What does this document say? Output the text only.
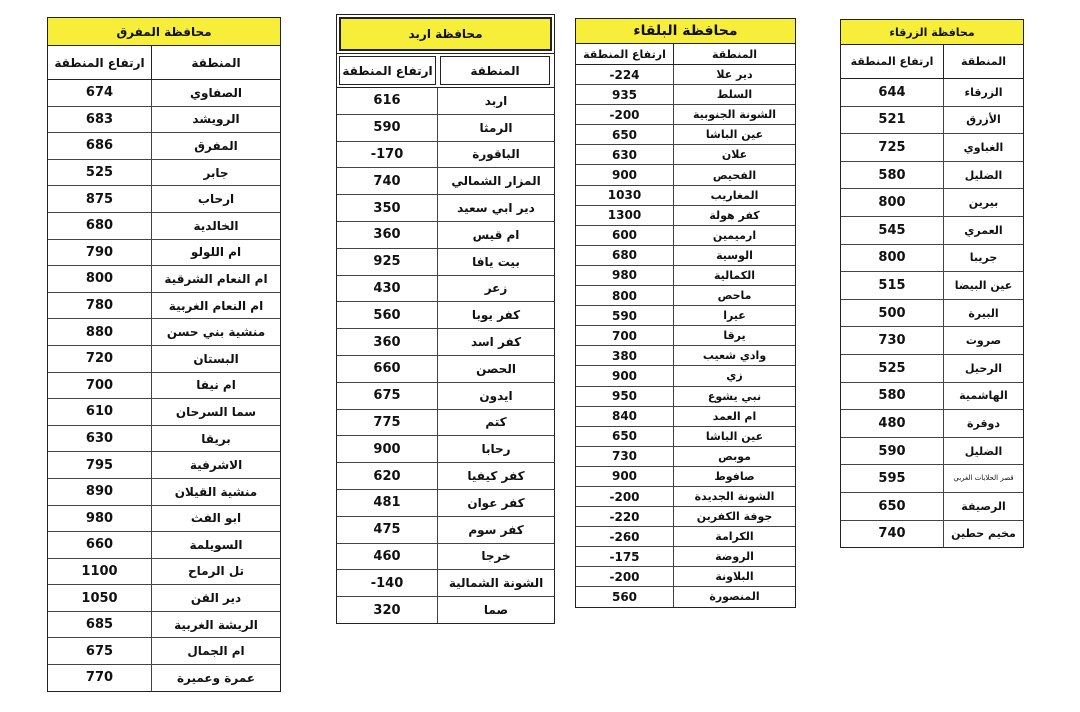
محافظة المفرق
ارتفاع المنطقة	المنطقة
674	الصفاوي
683	الرويشد
686	المفرق
525	جابر
875	ارحاب
680	الخالدية
790	ام اللولو
800	ام النعام الشرقية
780	ام النعام الغربية
880	منشية بني حسن
720	البستان
700	ام نيفا
610	سما السرحان
630	بريقا
795	الاشرفية
890	منشية القيلان
980	ابو الفث
660	السويلمة
1100	تل الرماح
1050	دير القن
685	الريشة الغربية
675	ام الجمال
770	عمرة وعميرة
محافظة اربد
ارتفاع المنطقة	المنطقة
616	اربد
590	الرمثا
-170	الباقورة
740	المزار الشمالي
350	دير ابي سعيد
360	ام قيس
925	بيت يافا
430	زعر
560	كفر يوبا
360	كفر اسد
660	الحصن
675	ايدون
775	كتم
900	رحابا
620	كفر كيفيا
481	كفر عوان
475	كفر سوم
460	خرجا
-140	الشونة الشمالية
320	صما
محافظة البلقاء
ارتفاع المنطقة	المنطقة
-224	دير علا
935	السلط
-200	الشونة الجنوبية
650	عين الباشا
630	علان
900	الفحيص
1030	المغاريب
1300	كفر هولة
600	ارميمين
680	الوسية
980	الكمالية
800	ماحص
590	عيرا
700	يرقا
380	وادي شعيب
900	زي
950	نبي يشوع
840	ام العمد
650	عين الباشا
730	موبص
900	صافوط
-200	الشونة الجديدة
-220	جوفة الكفرين
-260	الكرامة
-175	الروضة
-200	البلاونة
560	المنصورة
محافظة الزرقاء
ارتفاع المنطقة	المنطقة
644	الزرقاء
521	الأزرق
725	الغباوي
580	الضليل
800	بيرين
545	العمري
800	جريبا
515	عين البيضا
500	البيرة
730	صروت
525	الرحيل
580	الهاشمية
480	دوقرة
590	الضليل
595	قصر الحلابات الغربي
650	الرصيفة
740	مخيم حطين
